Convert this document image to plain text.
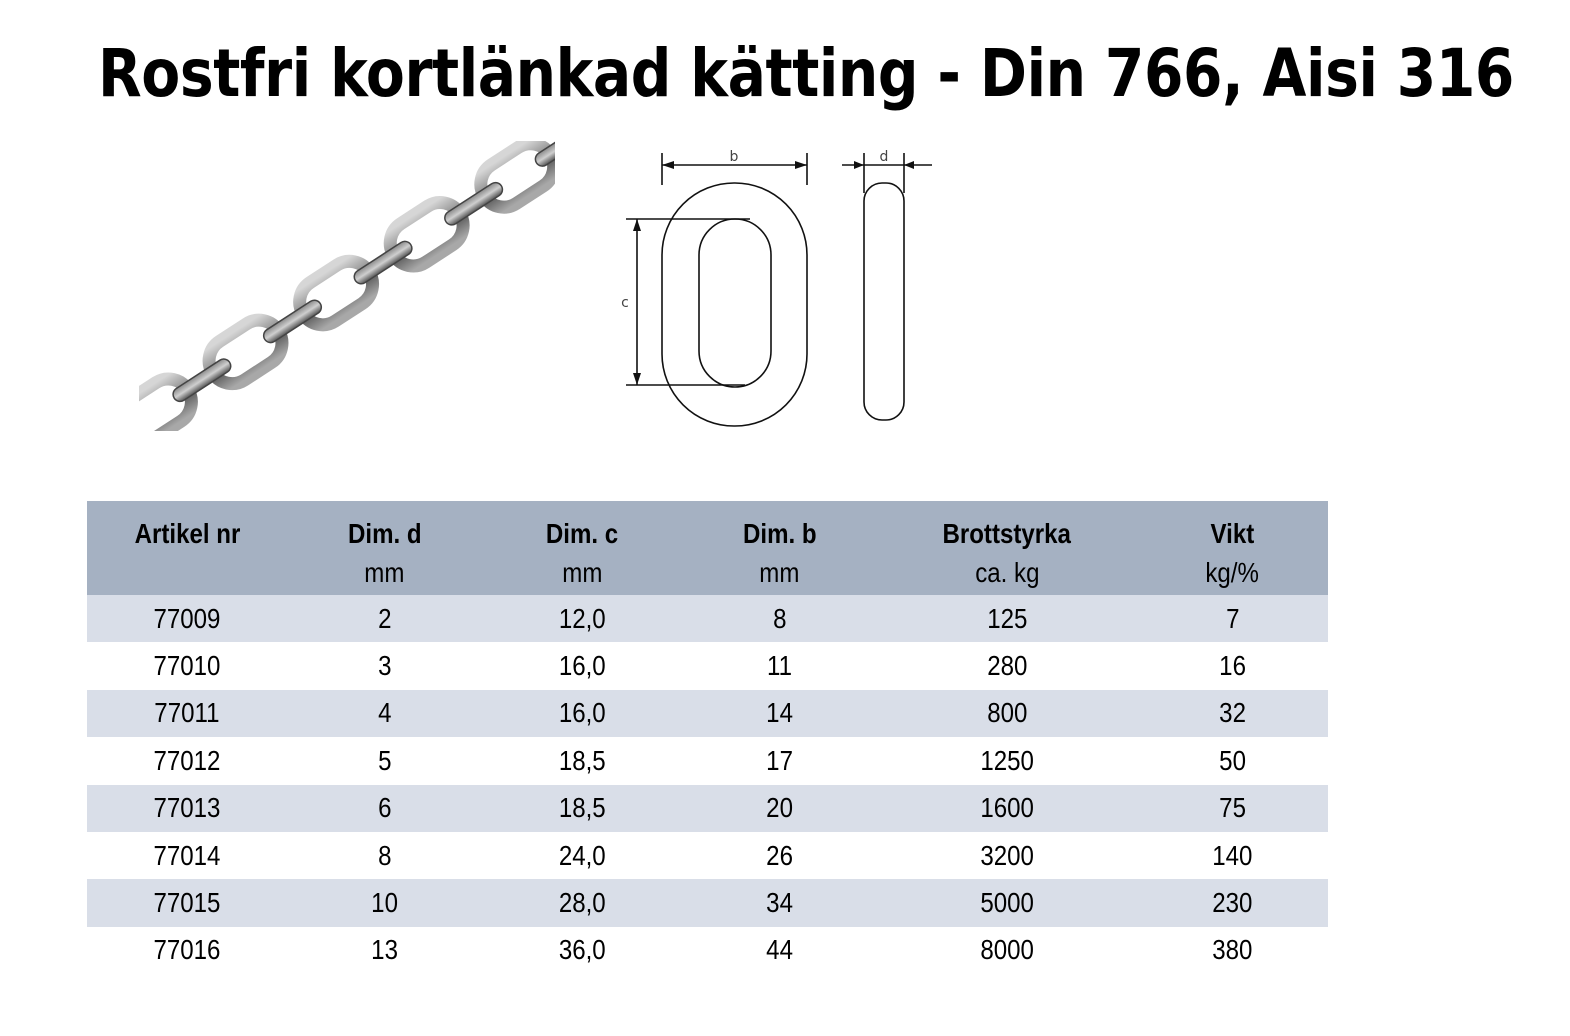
Rostfri kortlänkad kätting - Din 766, Aisi 316
b
c
d
Artikel nr	Dim. d	Dim. c	Dim. b	Brottstyrka	Vikt
	mm	mm	mm	ca. kg	kg/%
77009	2	12,0	8	125	7
77010	3	16,0	11	280	16
77011	4	16,0	14	800	32
77012	5	18,5	17	1250	50
77013	6	18,5	20	1600	75
77014	8	24,0	26	3200	140
77015	10	28,0	34	5000	230
77016	13	36,0	44	8000	380
